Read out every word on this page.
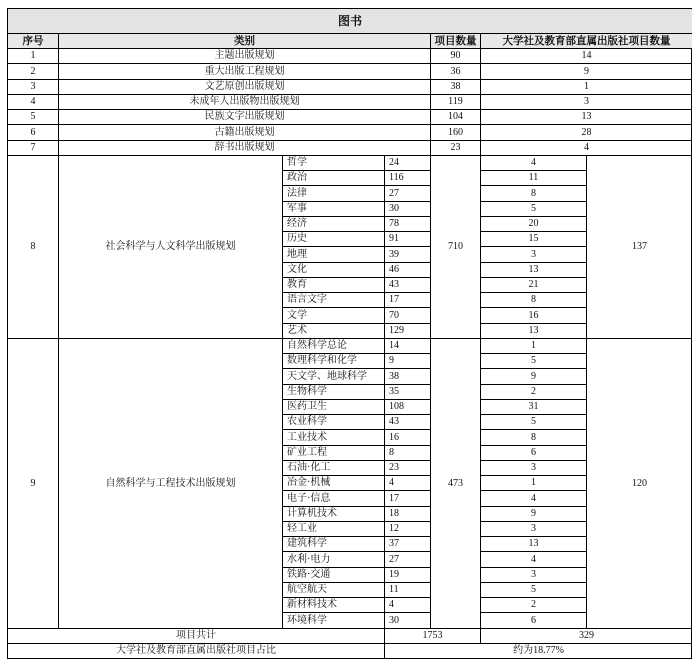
图书
序号	类别	项目数量	大学社及教育部直属出版社项目数量
1	主题出版规划	90	14
2	重大出版工程规划	36	9
3	文艺原创出版规划	38	1
4	未成年人出版物出版规划	119	3
5	民族文字出版规划	104	13
6	古籍出版规划	160	28
7	辞书出版规划	23	4
哲学	24	4
政治	116	11
法律	27	8
军事	30	5
经济	78	20
历史	91	15
地理	39	3
文化	46	13
教育	43	21
语言文字	17	8
文学	70	16
艺术	129	13
8	社会科学与人文科学出版规划	710	137
自然科学总论	14	1
数理科学和化学	9	5
天文学、地球科学	38	9
生物科学	35	2
医药卫生	108	31
农业科学	43	5
工业技术	16	8
矿业工程	8	6
石油·化工	23	3
冶金·机械	4	1
电子·信息	17	4
计算机技术	18	9
轻工业	12	3
建筑科学	37	13
水利·电力	27	4
铁路·交通	19	3
航空航天	11	5
新材料技术	4	2
环境科学	30	6
9	自然科学与工程技术出版规划	473	120
项目共计	1753	329
大学社及教育部直属出版社项目占比	约为18.77%
